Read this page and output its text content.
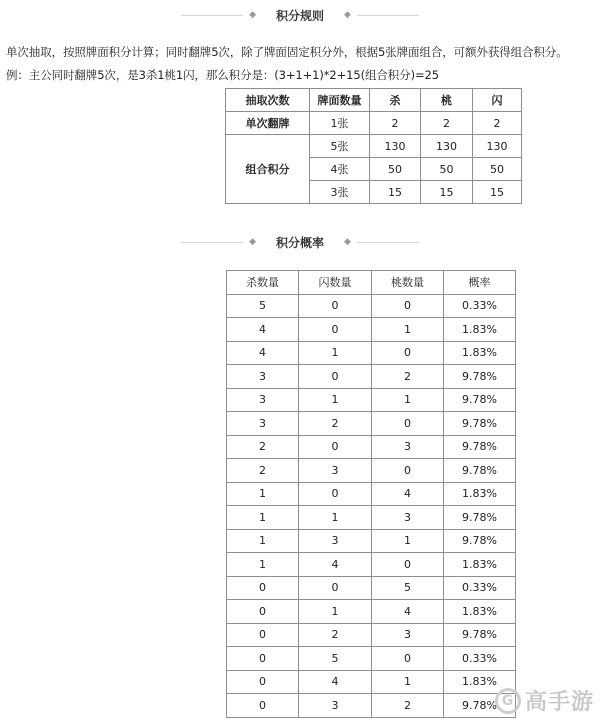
◆ 积分规则 ◆
单次抽取，按照牌面积分计算；同时翻牌5次，除了牌面固定积分外，根据5张牌面组合，可额外获得组合积分。
例：主公同时翻牌5次，是3杀1桃1闪，那么积分是：(3+1+1)*2+15(组合积分)=25
抽取次数	牌面数量	杀	桃	闪
单次翻牌	1张	2	2	2
组合积分	5张	130	130	130
	4张	50	50	50
	3张	15	15	15
◆ 积分概率 ◆
杀数量	闪数量	桃数量	概率
5	0	0	0.33%
4	0	1	1.83%
4	1	0	1.83%
3	0	2	9.78%
3	1	1	9.78%
3	2	0	9.78%
2	0	3	9.78%
2	3	0	9.78%
1	0	4	1.83%
1	1	3	9.78%
1	3	1	9.78%
1	4	0	1.83%
0	0	5	0.33%
0	1	4	1.83%
0	2	3	9.78%
0	5	0	0.33%
0	4	1	1.83%
0	3	2	9.78% G 高手游
